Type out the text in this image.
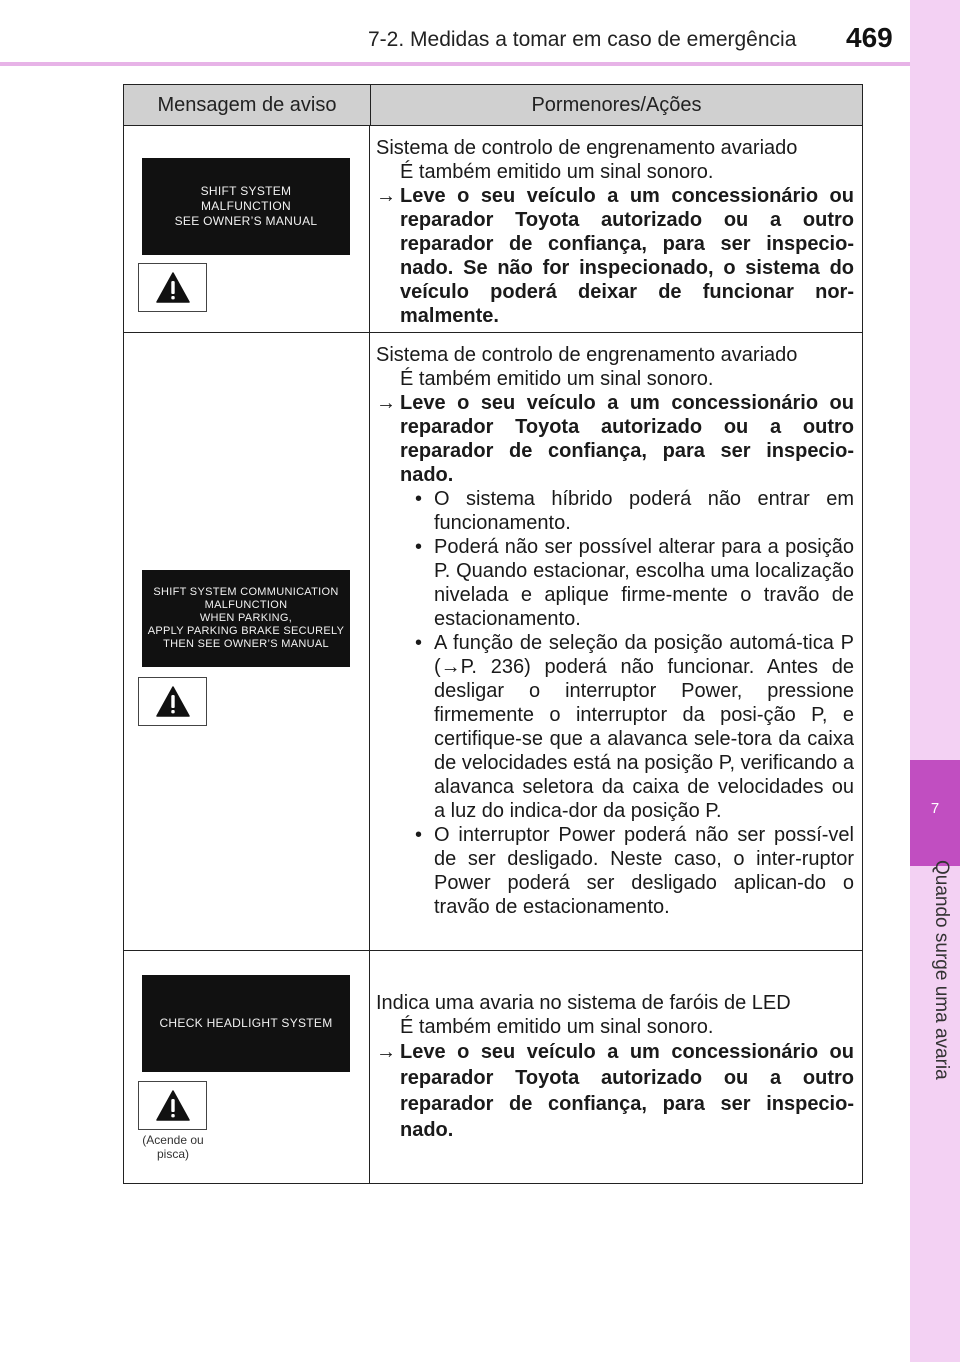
7-2. Medidas a tomar em caso de emergência 469
7
Quando surge uma avaria
Mensagem de aviso	Pormenores/Ações
SHIFT SYSTEM
MALFUNCTION
SEE OWNER’S MANUAL

Sistema de controlo de engrenamento avariado

É também emitido um sinal sonoro.

→ Leve o seu veículo a um concessionário ou reparador Toyota autorizado ou a outro reparador de confiança, para ser inspecio-nado. Se não for inspecionado, o sistema do veículo poderá deixar de funcionar nor-malmente.

SHIFT SYSTEM COMMUNICATION
MALFUNCTION
WHEN PARKING,
APPLY PARKING BRAKE SECURELY
THEN SEE OWNER’S MANUAL

Sistema de controlo de engrenamento avariado

É também emitido um sinal sonoro.

→ Leve o seu veículo a um concessionário ou reparador Toyota autorizado ou a outro reparador de confiança, para ser inspecio-nado.

• O sistema híbrido poderá não entrar em funcionamento.
• Poderá não ser possível alterar para a posição P. Quando estacionar, escolha uma localização nivelada e aplique firme-mente o travão de estacionamento.
• A função de seleção da posição automá-tica P (→P. 236) poderá não funcionar. Antes de desligar o interruptor Power, pressione firmemente o interruptor da posi-ção P, e certifique-se que a alavanca sele-tora da caixa de velocidades está na posição P, verificando a alavanca seletora da caixa de velocidades ou a luz do indica-dor da posição P.
• O interruptor Power poderá não ser possí-vel de ser desligado. Neste caso, o inter-ruptor Power poderá ser desligado aplican-do o travão de estacionamento.
CHECK HEADLIGHT SYSTEM
(Acende ou pisca)

Indica uma avaria no sistema de faróis de LED

É também emitido um sinal sonoro.

→ Leve o seu veículo a um concessionário ou reparador Toyota autorizado ou a outro reparador de confiança, para ser inspecio-nado.
